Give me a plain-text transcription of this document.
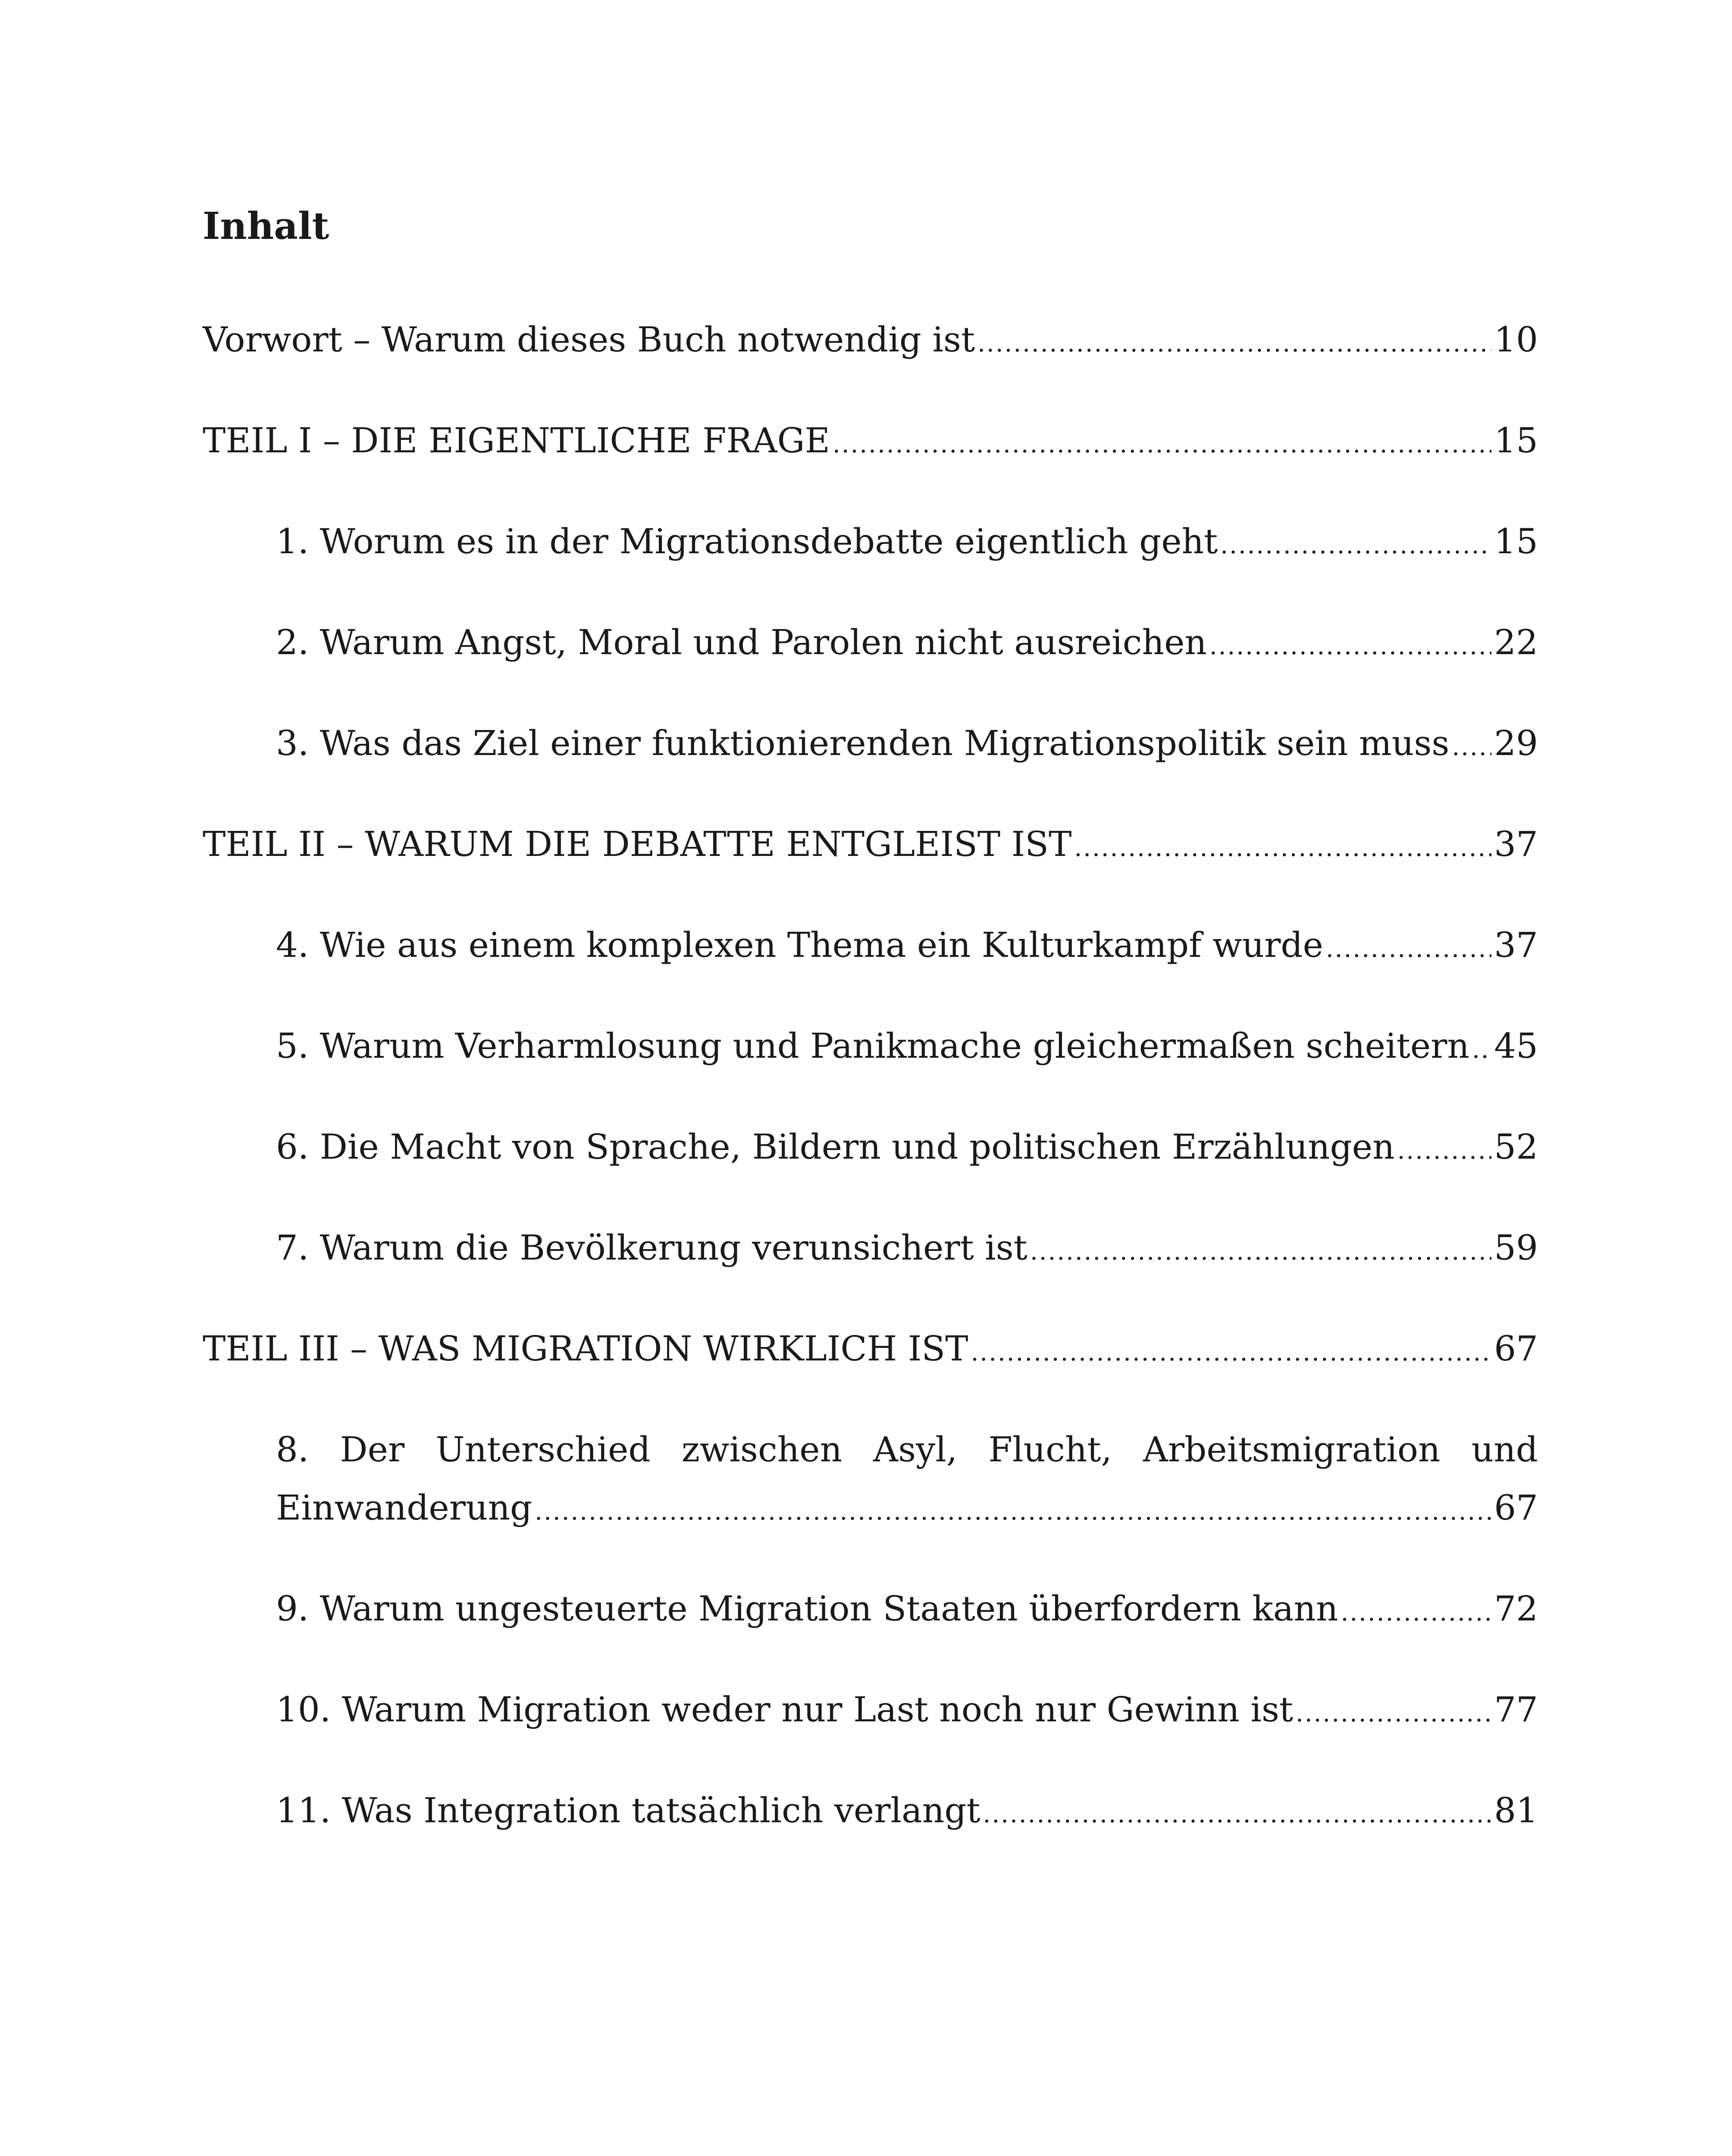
Inhalt
Vorwort – Warum dieses Buch notwendig ist .....	10
TEIL I – DIE EIGENTLICHE FRAGE .....	15
1. Worum es in der Migrationsdebatte eigentlich geht .....	15
2. Warum Angst, Moral und Parolen nicht ausreichen .....	22
3. Was das Ziel einer funktionierenden Migrationspolitik sein muss ..... 29
TEIL II – WARUM DIE DEBATTE ENTGLEIST IST .....	37
4. Wie aus einem komplexen Thema ein Kulturkampf wurde .....	37
5. Warum Verharmlosung und Panikmache gleichermaßen scheitern ..... 45
6. Die Macht von Sprache, Bildern und politischen Erzählungen .....	52
7. Warum die Bevölkerung verunsichert ist .....	59
TEIL III – WAS MIGRATION WIRKLICH IST .....	67
8. Der Unterschied zwischen Asyl, Flucht, Arbeitsmigration und
Einwanderung .....	67
9. Warum ungesteuerte Migration Staaten überfordern kann .....	72
10. Warum Migration weder nur Last noch nur Gewinn ist .....	77
11. Was Integration tatsächlich verlangt .....	81
